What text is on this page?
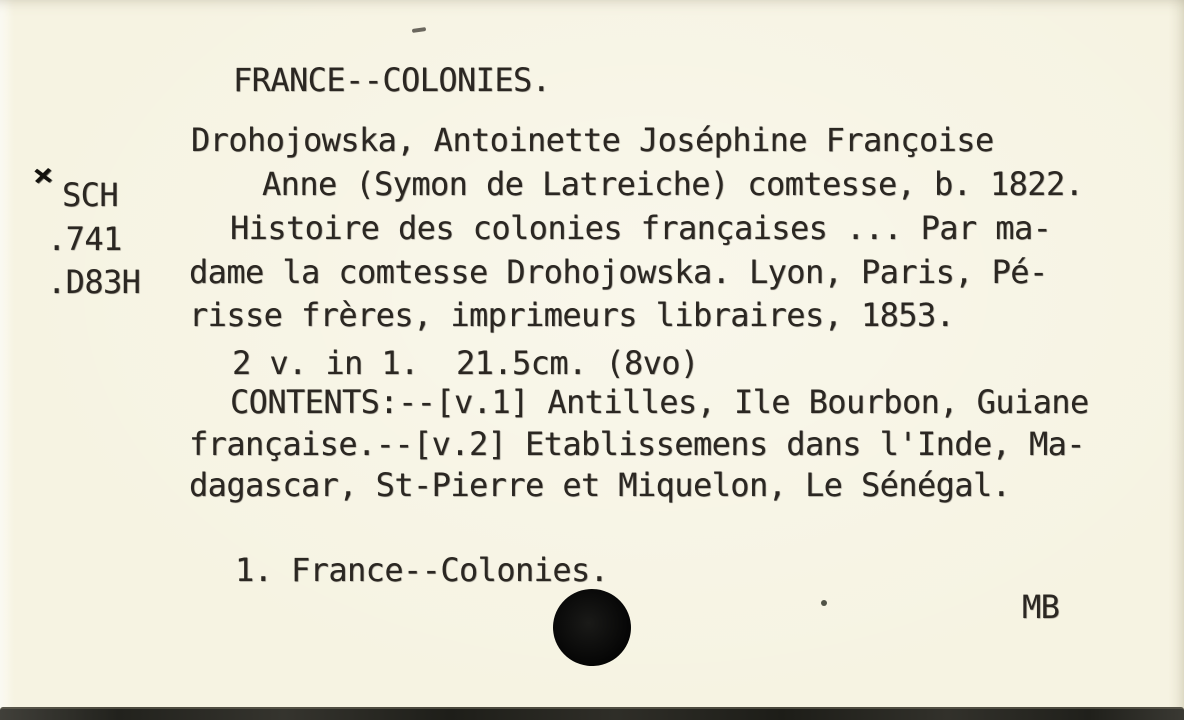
FRANCE--COLONIES.
×
SCH
.741
.D83H
Drohojowska, Antoinette Joséphine Françoise
Anne (Symon de Latreiche) comtesse, b. 1822.
Histoire des colonies françaises ... Par ma-
dame la comtesse Drohojowska. Lyon, Paris, Pé-
risse frères, imprimeurs libraires, 1853.
2 v. in 1.  21.5cm. (8vo)
CONTENTS:--[v.1] Antilles, Ile Bourbon, Guiane
française.--[v.2] Etablissemens dans l'Inde, Ma-
dagascar, St-Pierre et Miquelon, Le Sénégal.
1. France--Colonies.
MB
